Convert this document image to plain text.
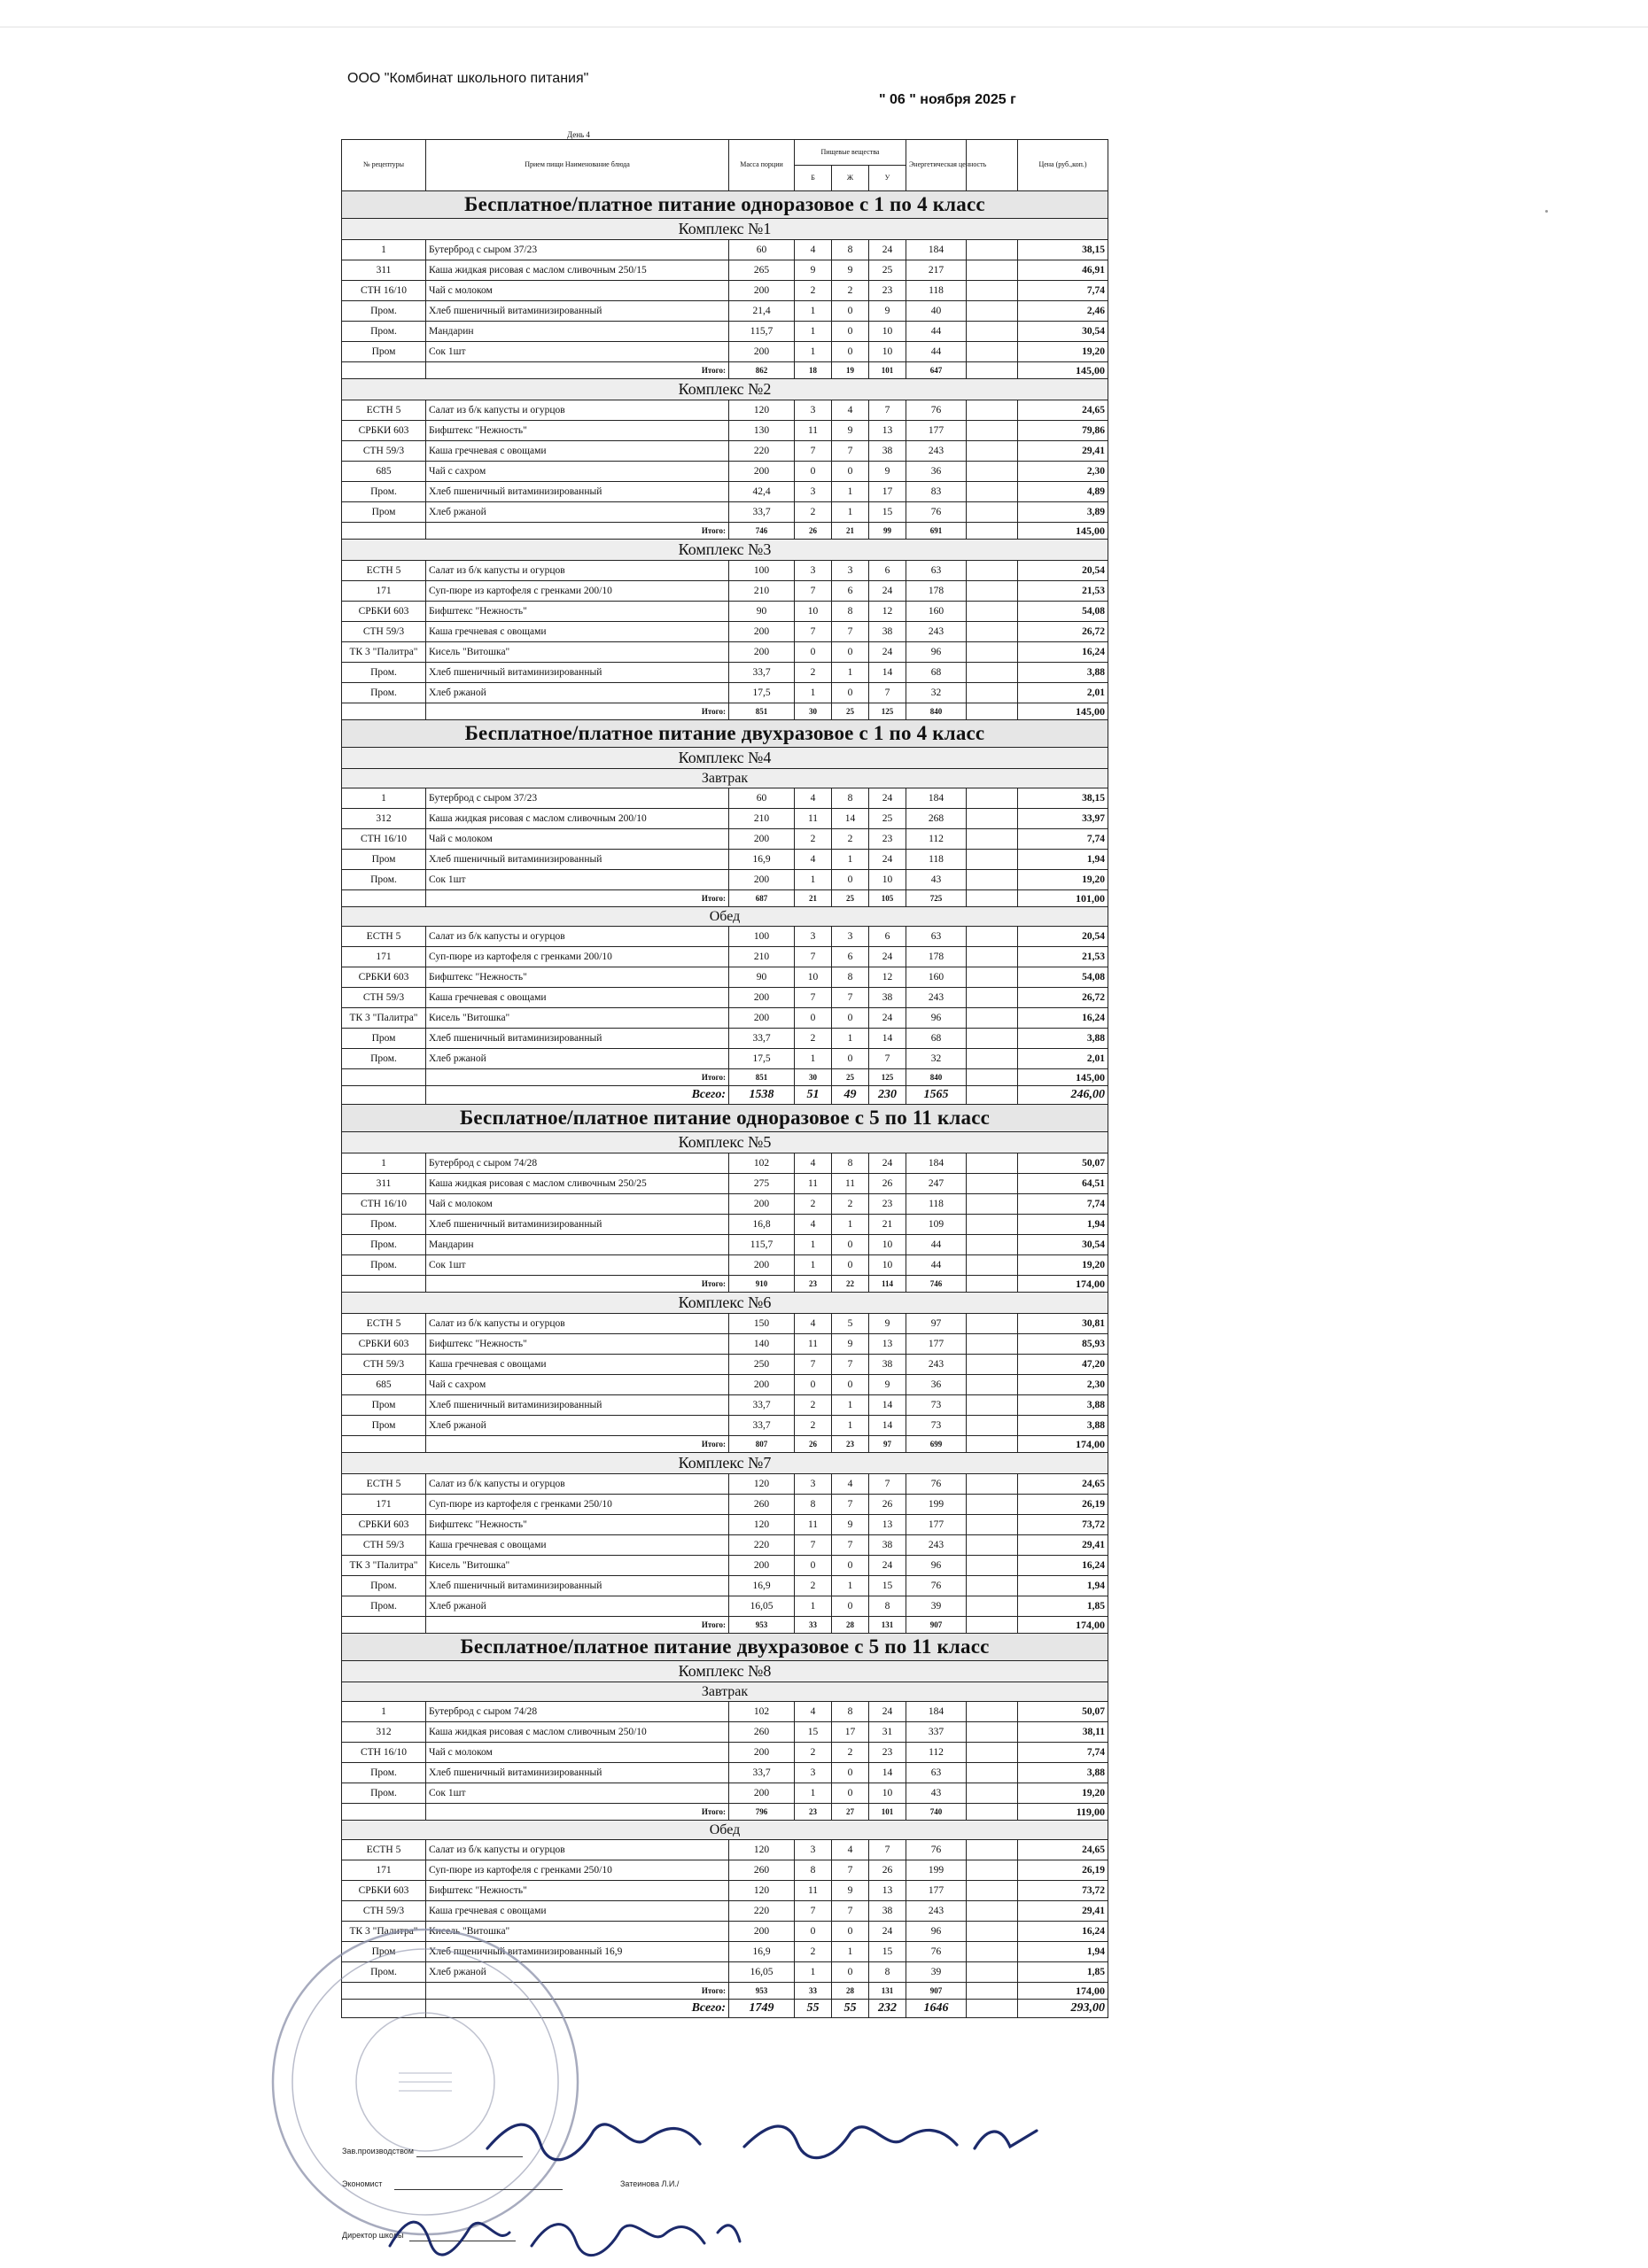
ООО "Комбинат школьного питания"
" 06 " ноября 2025 г
День 4
№ рецептуры	Прием пищи Наименование блюда	Масса порции	Пищевые вещества			Энергетическая ценность		Цена (руб.,коп.)
			Б	Ж	У			
Бесплатное/платное питание одноразовое с 1 по 4 класс								
Комплекс №1								
1	Бутерброд с сыром 37/23	60	4	8	24	184		38,15
311	Каша жидкая рисовая с маслом сливочным 250/15	265	9	9	25	217		46,91
СТН 16/10	Чай с молоком	200	2	2	23	118		7,74
Пром.	Хлеб пшеничный витаминизированный	21,4	1	0	9	40		2,46
Пром.	Мандарин	115,7	1	0	10	44		30,54
Пром	Сок 1шт	200	1	0	10	44		19,20
	Итого:	862	18	19	101	647		145,00
Комплекс №2								
ЕСТН 5	Салат из б/к капусты и огурцов	120	3	4	7	76		24,65
СРБКИ 603	Бифштекс "Нежность"	130	11	9	13	177		79,86
СТН 59/3	Каша гречневая с овощами	220	7	7	38	243		29,41
685	Чай с сахром	200	0	0	9	36		2,30
Пром.	Хлеб пшеничный витаминизированный	42,4	3	1	17	83		4,89
Пром	Хлеб ржаной	33,7	2	1	15	76		3,89
	Итого:	746	26	21	99	691		145,00
Комплекс №3								
ЕСТН 5	Салат из б/к капусты и огурцов	100	3	3	6	63		20,54
171	Суп-пюре из картофеля с гренками 200/10	210	7	6	24	178		21,53
СРБКИ 603	Бифштекс "Нежность"	90	10	8	12	160		54,08
СТН 59/3	Каша гречневая с овощами	200	7	7	38	243		26,72
ТК 3 "Палитра"	Кисель "Витошка"	200	0	0	24	96		16,24
Пром.	Хлеб пшеничный витаминизированный	33,7	2	1	14	68		3,88
Пром.	Хлеб ржаной	17,5	1	0	7	32		2,01
	Итого:	851	30	25	125	840		145,00
Бесплатное/платное питание двухразовое с 1 по 4 класс								
Комплекс №4								
Завтрак								
1	Бутерброд с сыром 37/23	60	4	8	24	184		38,15
312	Каша жидкая рисовая с маслом сливочным 200/10	210	11	14	25	268		33,97
СТН 16/10	Чай с молоком	200	2	2	23	112		7,74
Пром	Хлеб пшеничный витаминизированный	16,9	4	1	24	118		1,94
Пром.	Сок 1шт	200	1	0	10	43		19,20
	Итого:	687	21	25	105	725		101,00
Обед								
ЕСТН 5	Салат из б/к капусты и огурцов	100	3	3	6	63		20,54
171	Суп-пюре из картофеля с гренками 200/10	210	7	6	24	178		21,53
СРБКИ 603	Бифштекс "Нежность"	90	10	8	12	160		54,08
СТН 59/3	Каша гречневая с овощами	200	7	7	38	243		26,72
ТК 3 "Палитра"	Кисель "Витошка"	200	0	0	24	96		16,24
Пром	Хлеб пшеничный витаминизированный	33,7	2	1	14	68		3,88
Пром.	Хлеб ржаной	17,5	1	0	7	32		2,01
	Итого:	851	30	25	125	840		145,00
	Всего:	1538	51	49	230	1565		246,00
Бесплатное/платное питание одноразовое с 5 по 11 класс								
Комплекс №5								
1	Бутерброд с сыром 74/28	102	4	8	24	184		50,07
311	Каша жидкая рисовая с маслом сливочным 250/25	275	11	11	26	247		64,51
СТН 16/10	Чай с молоком	200	2	2	23	118		7,74
Пром.	Хлеб пшеничный витаминизированный	16,8	4	1	21	109		1,94
Пром.	Мандарин	115,7	1	0	10	44		30,54
Пром.	Сок 1шт	200	1	0	10	44		19,20
	Итого:	910	23	22	114	746		174,00
Комплекс №6								
ЕСТН 5	Салат из б/к капусты и огурцов	150	4	5	9	97		30,81
СРБКИ 603	Бифштекс "Нежность"	140	11	9	13	177		85,93
СТН 59/3	Каша гречневая с овощами	250	7	7	38	243		47,20
685	Чай с сахром	200	0	0	9	36		2,30
Пром	Хлеб пшеничный витаминизированный	33,7	2	1	14	73		3,88
Пром	Хлеб ржаной	33,7	2	1	14	73		3,88
	Итого:	807	26	23	97	699		174,00
Комплекс №7								
ЕСТН 5	Салат из б/к капусты и огурцов	120	3	4	7	76		24,65
171	Суп-пюре из картофеля с гренками 250/10	260	8	7	26	199		26,19
СРБКИ 603	Бифштекс "Нежность"	120	11	9	13	177		73,72
СТН 59/3	Каша гречневая с овощами	220	7	7	38	243		29,41
ТК 3 "Палитра"	Кисель "Витошка"	200	0	0	24	96		16,24
Пром.	Хлеб пшеничный витаминизированный	16,9	2	1	15	76		1,94
Пром.	Хлеб ржаной	16,05	1	0	8	39		1,85
	Итого:	953	33	28	131	907		174,00
Бесплатное/платное питание двухразовое с 5 по 11 класс								
Комплекс №8								
Завтрак								
1	Бутерброд с сыром 74/28	102	4	8	24	184		50,07
312	Каша жидкая рисовая с маслом сливочным 250/10	260	15	17	31	337		38,11
СТН 16/10	Чай с молоком	200	2	2	23	112		7,74
Пром.	Хлеб пшеничный витаминизированный	33,7	3	0	14	63		3,88
Пром.	Сок 1шт	200	1	0	10	43		19,20
	Итого:	796	23	27	101	740		119,00
Обед								
ЕСТН 5	Салат из б/к капусты и огурцов	120	3	4	7	76		24,65
171	Суп-пюре из картофеля с гренками 250/10	260	8	7	26	199		26,19
СРБКИ 603	Бифштекс "Нежность"	120	11	9	13	177		73,72
СТН 59/3	Каша гречневая с овощами	220	7	7	38	243		29,41
ТК 3 "Палитра"	Кисель "Витошка"	200	0	0	24	96		16,24
Пром	Хлеб пшеничный витаминизированный 16,9	16,9	2	1	15	76		1,94
Пром.	Хлеб ржаной	16,05	1	0	8	39		1,85
	Итого:	953	33	28	131	907		174,00
	Всего:	1749	55	55	232	1646		293,00
Зав.производством
Экономист	Затеинова Л.И./
Директор школы
